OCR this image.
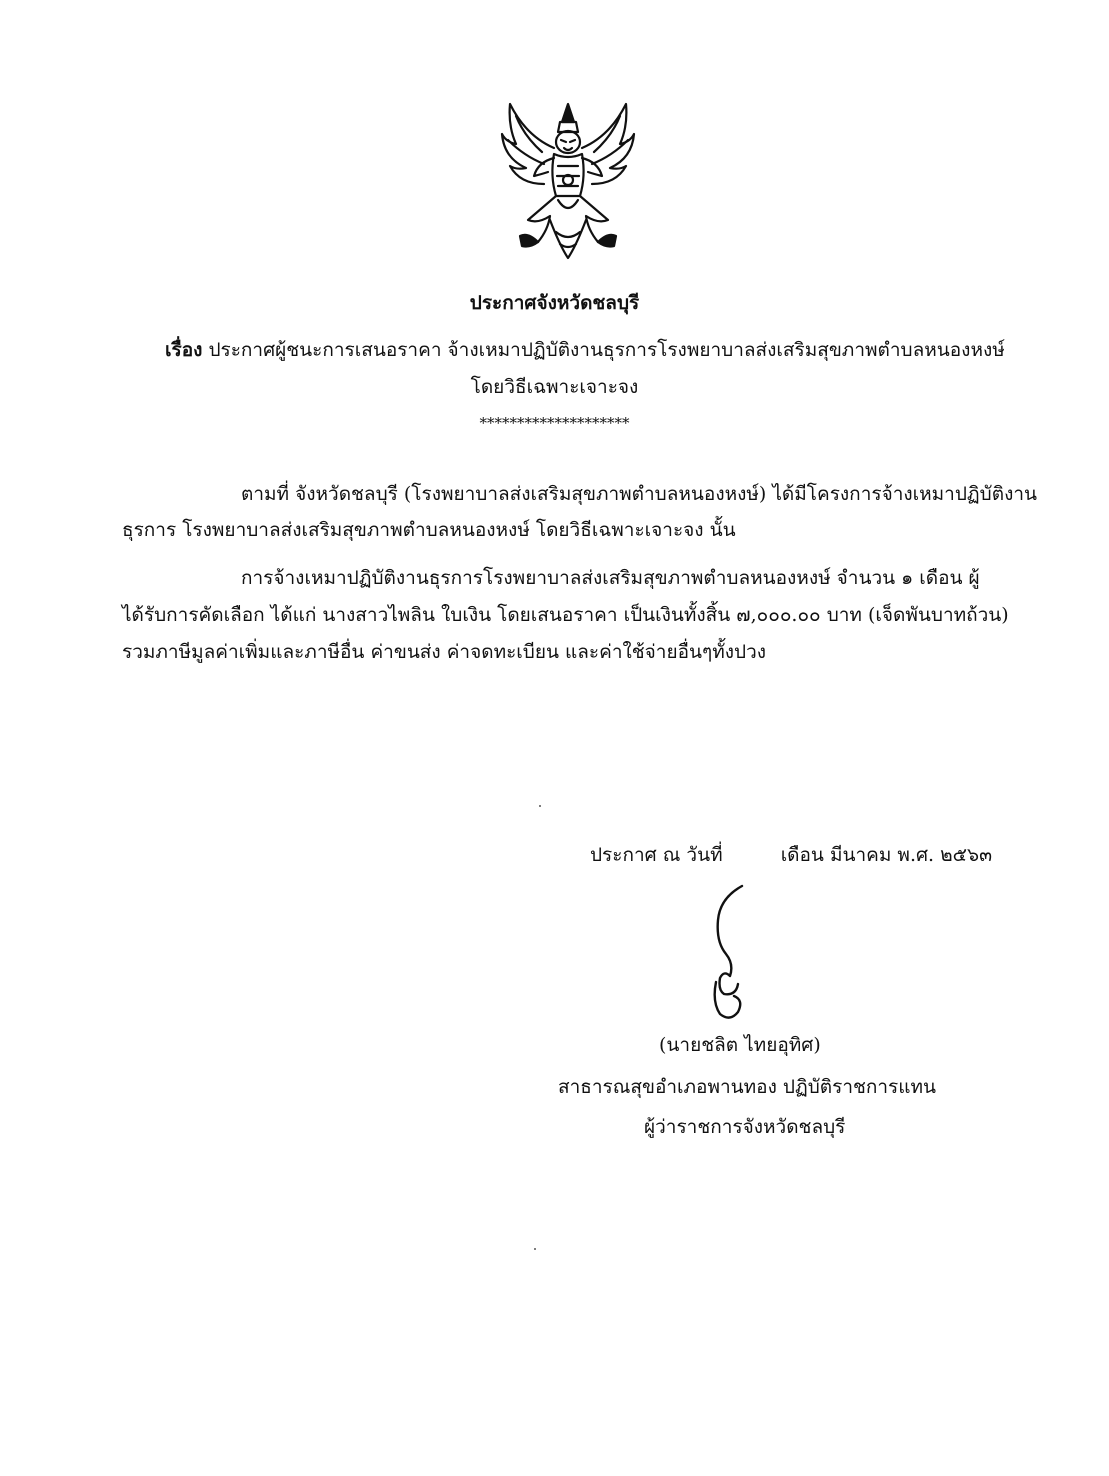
ประกาศจังหวัดชลบุรี
เรื่อง ประกาศผู้ชนะการเสนอราคา จ้างเหมาปฏิบัติงานธุรการโรงพยาบาลส่งเสริมสุขภาพตำบลหนองหงษ์
โดยวิธีเฉพาะเจาะจง
********************
ตามที่ จังหวัดชลบุรี (โรงพยาบาลส่งเสริมสุขภาพตำบลหนองหงษ์) ได้มีโครงการจ้างเหมาปฏิบัติงาน
ธุรการ โรงพยาบาลส่งเสริมสุขภาพตำบลหนองหงษ์ โดยวิธีเฉพาะเจาะจง นั้น
การจ้างเหมาปฏิบัติงานธุรการโรงพยาบาลส่งเสริมสุขภาพตำบลหนองหงษ์ จำนวน ๑ เดือน ผู้
ได้รับการคัดเลือก ได้แก่ นางสาวไพลิน ใบเงิน โดยเสนอราคา เป็นเงินทั้งสิ้น ๗,๐๐๐.๐๐ บาท (เจ็ดพันบาทถ้วน)
รวมภาษีมูลค่าเพิ่มและภาษีอื่น ค่าขนส่ง ค่าจดทะเบียน และค่าใช้จ่ายอื่นๆทั้งปวง
ประกาศ ณ วันที่	เดือน มีนาคม พ.ศ. ๒๕๖๓
(นายชลิต ไทยอุทิศ)
สาธารณสุขอำเภอพานทอง ปฏิบัติราชการแทน
ผู้ว่าราชการจังหวัดชลบุรี
